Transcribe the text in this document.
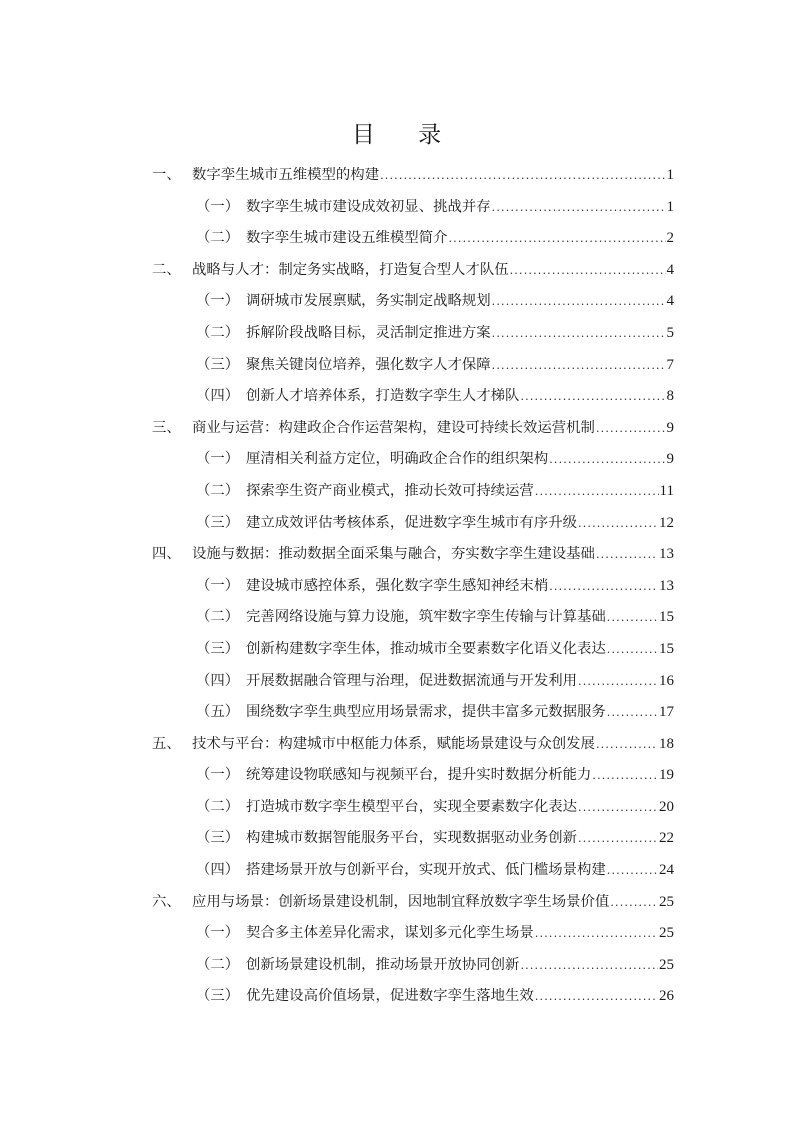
目 录
一、 数字孪生城市五维模型的构建 .....	1
（一） 数字孪生城市建设成效初显、挑战并存 .....	1
（二） 数字孪生城市建设五维模型简介 .....	2
二、 战略与人才：制定务实战略，打造复合型人才队伍 .....	4
（一） 调研城市发展禀赋，务实制定战略规划 .....	4
（二） 拆解阶段战略目标，灵活制定推进方案 .....	5
（三） 聚焦关键岗位培养，强化数字人才保障 .....	7
（四） 创新人才培养体系，打造数字孪生人才梯队 .....	8
三、 商业与运营：构建政企合作运营架构，建设可持续长效运营机制 .....	9
（一） 厘清相关利益方定位，明确政企合作的组织架构 .....	9
（二） 探索孪生资产商业模式，推动长效可持续运营 .....	11
（三） 建立成效评估考核体系，促进数字孪生城市有序升级 .....	12
四、 设施与数据：推动数据全面采集与融合，夯实数字孪生建设基础 .....	13
（一） 建设城市感控体系，强化数字孪生感知神经末梢 .....	13
（二） 完善网络设施与算力设施，筑牢数字孪生传输与计算基础 .....	15
（三） 创新构建数字孪生体，推动城市全要素数字化语义化表达 .....	15
（四） 开展数据融合管理与治理，促进数据流通与开发利用 .....	16
（五） 围绕数字孪生典型应用场景需求，提供丰富多元数据服务 .....	17
五、 技术与平台：构建城市中枢能力体系，赋能场景建设与众创发展 .....	18
（一） 统筹建设物联感知与视频平台，提升实时数据分析能力 .....	19
（二） 打造城市数字孪生模型平台，实现全要素数字化表达 .....	20
（三） 构建城市数据智能服务平台，实现数据驱动业务创新 .....	22
（四） 搭建场景开放与创新平台，实现开放式、低门槛场景构建 .....	24
六、 应用与场景：创新场景建设机制，因地制宜释放数字孪生场景价值 .....	25
（一） 契合多主体差异化需求，谋划多元化孪生场景 .....	25
（二） 创新场景建设机制，推动场景开放协同创新 .....	25
（三） 优先建设高价值场景，促进数字孪生落地生效 .....	26
